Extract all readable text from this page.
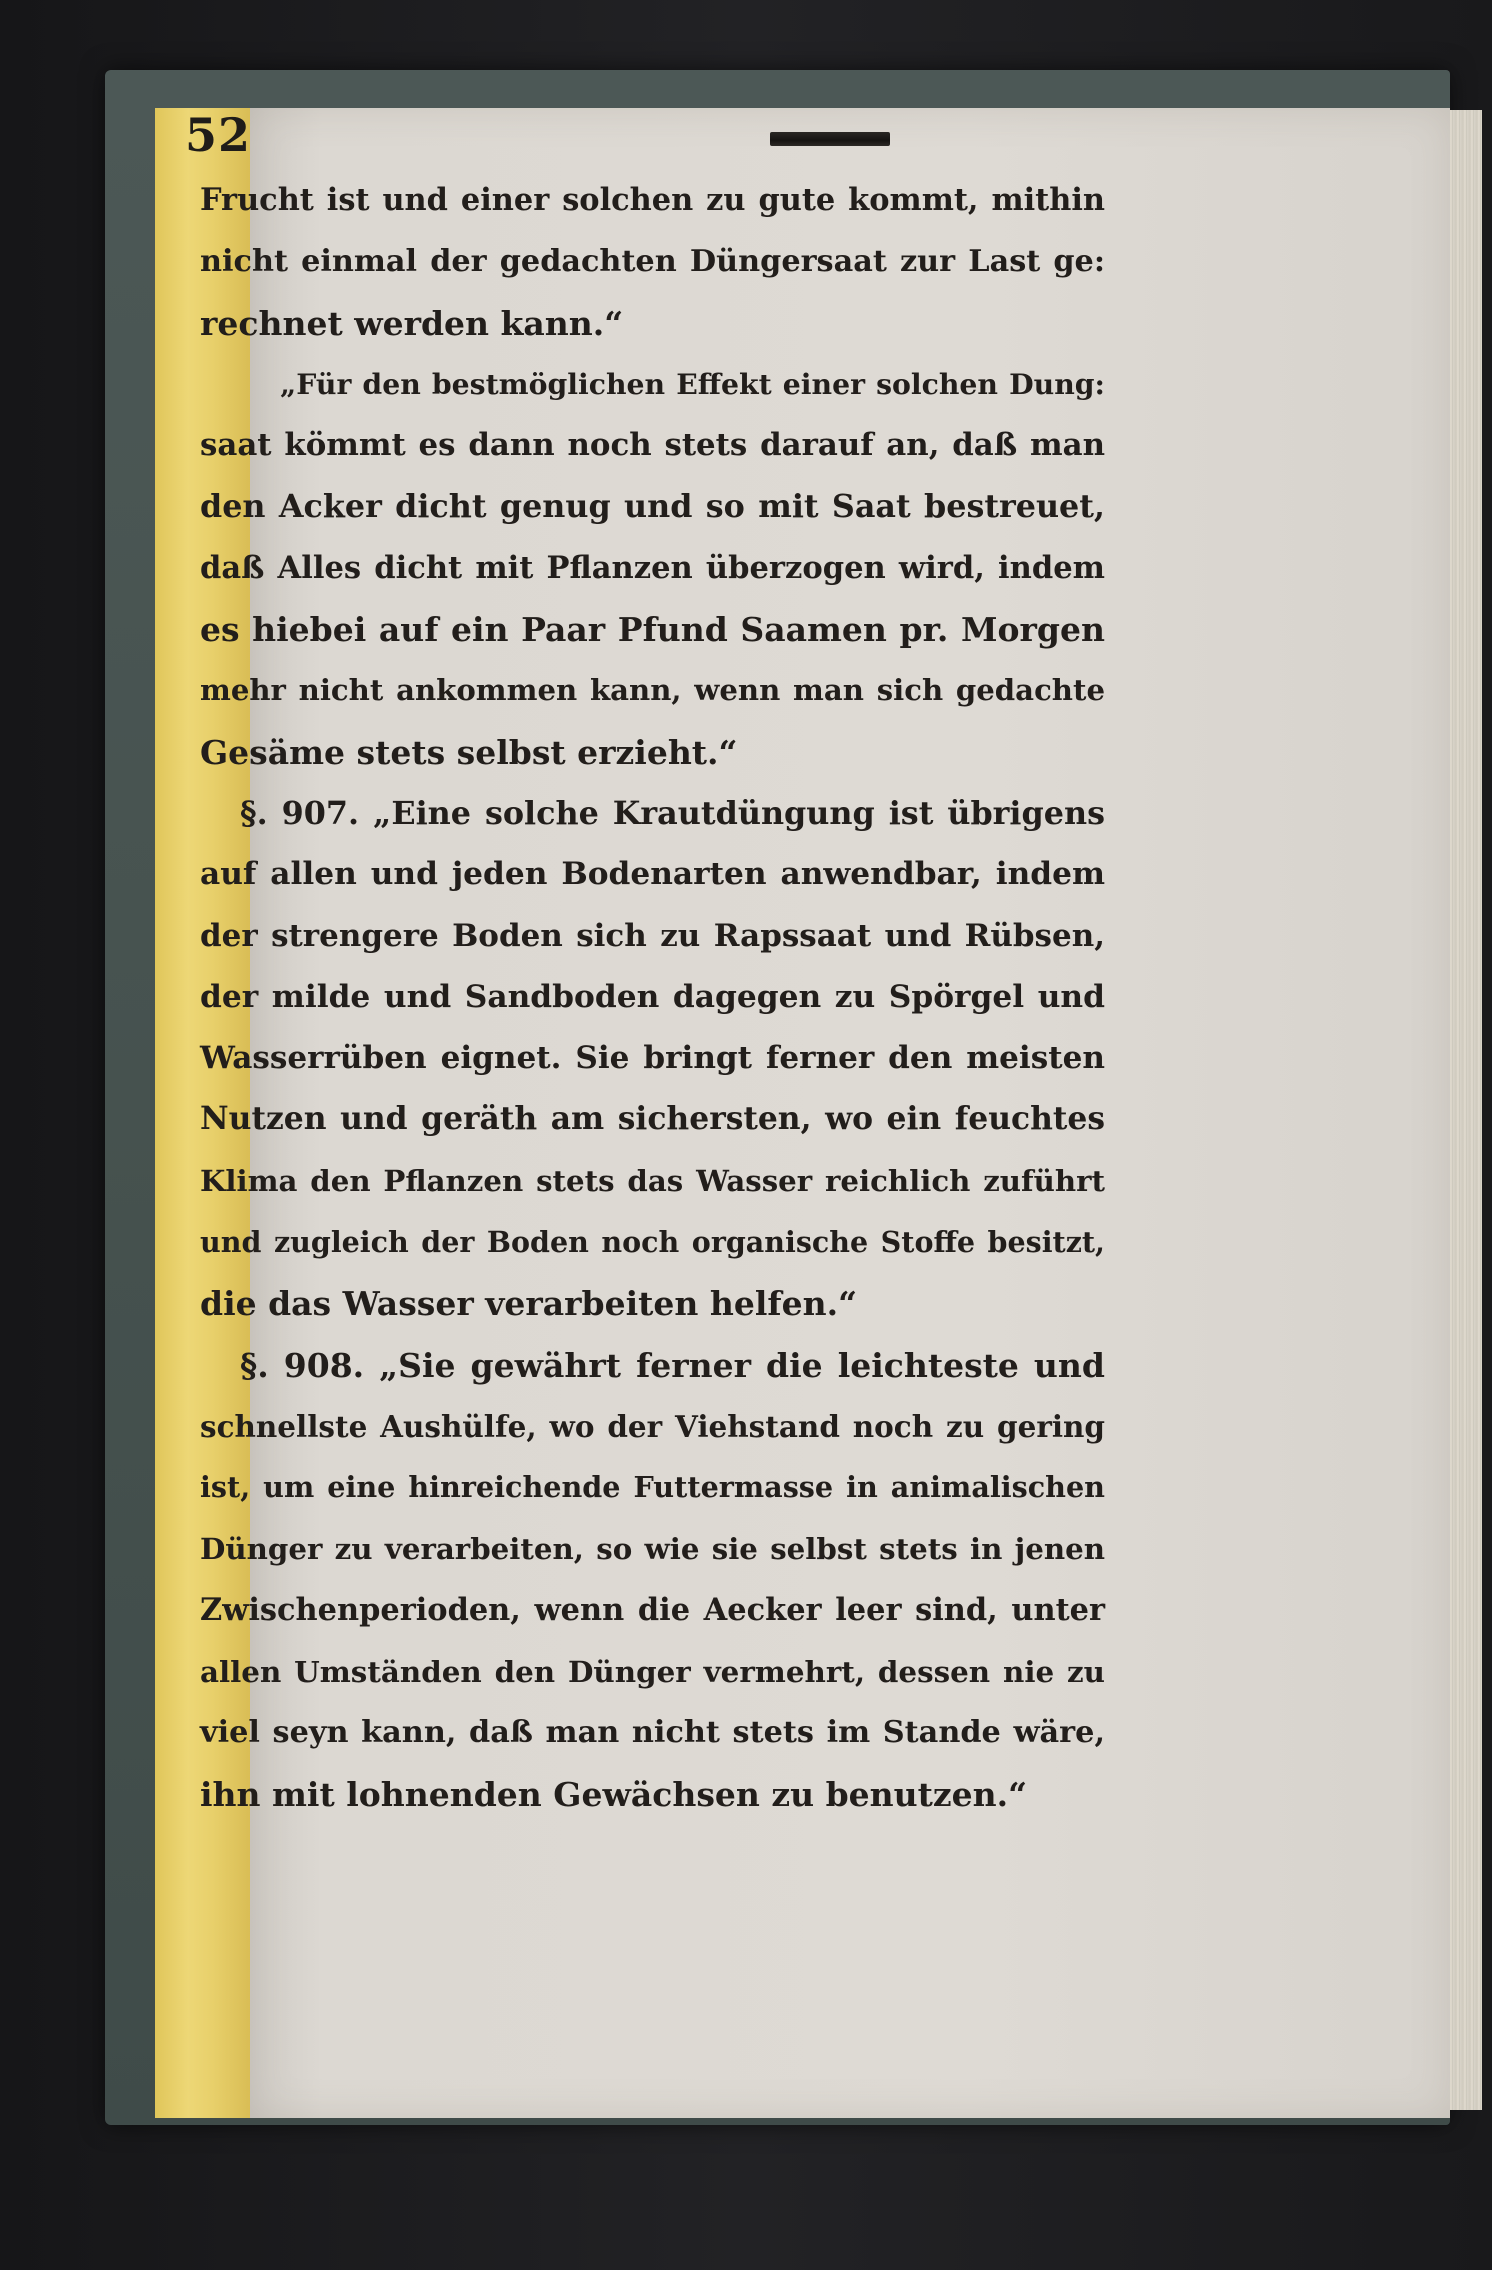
52
Frucht ist und einer solchen zu gute kommt, mithin
nicht einmal der gedachten Düngersaat zur Last ge:
rechnet werden kann.“
„Für den bestmöglichen Effekt einer solchen Dung:
saat kömmt es dann noch stets darauf an, daß man
den Acker dicht genug und so mit Saat bestreuet,
daß Alles dicht mit Pflanzen überzogen wird, indem
es hiebei auf ein Paar Pfund Saamen pr. Morgen
mehr nicht ankommen kann, wenn man sich gedachte
Gesäme stets selbst erzieht.“
§. 907. „Eine solche Krautdüngung ist übrigens
auf allen und jeden Bodenarten anwendbar, indem
der strengere Boden sich zu Rapssaat und Rübsen,
der milde und Sandboden dagegen zu Spörgel und
Wasserrüben eignet. Sie bringt ferner den meisten
Nutzen und geräth am sichersten, wo ein feuchtes
Klima den Pflanzen stets das Wasser reichlich zuführt
und zugleich der Boden noch organische Stoffe besitzt,
die das Wasser verarbeiten helfen.“
§. 908. „Sie gewährt ferner die leichteste und
schnellste Aushülfe, wo der Viehstand noch zu gering
ist, um eine hinreichende Futtermasse in animalischen
Dünger zu verarbeiten, so wie sie selbst stets in jenen
Zwischenperioden, wenn die Aecker leer sind, unter
allen Umständen den Dünger vermehrt, dessen nie zu
viel seyn kann, daß man nicht stets im Stande wäre,
ihn mit lohnenden Gewächsen zu benutzen.“
